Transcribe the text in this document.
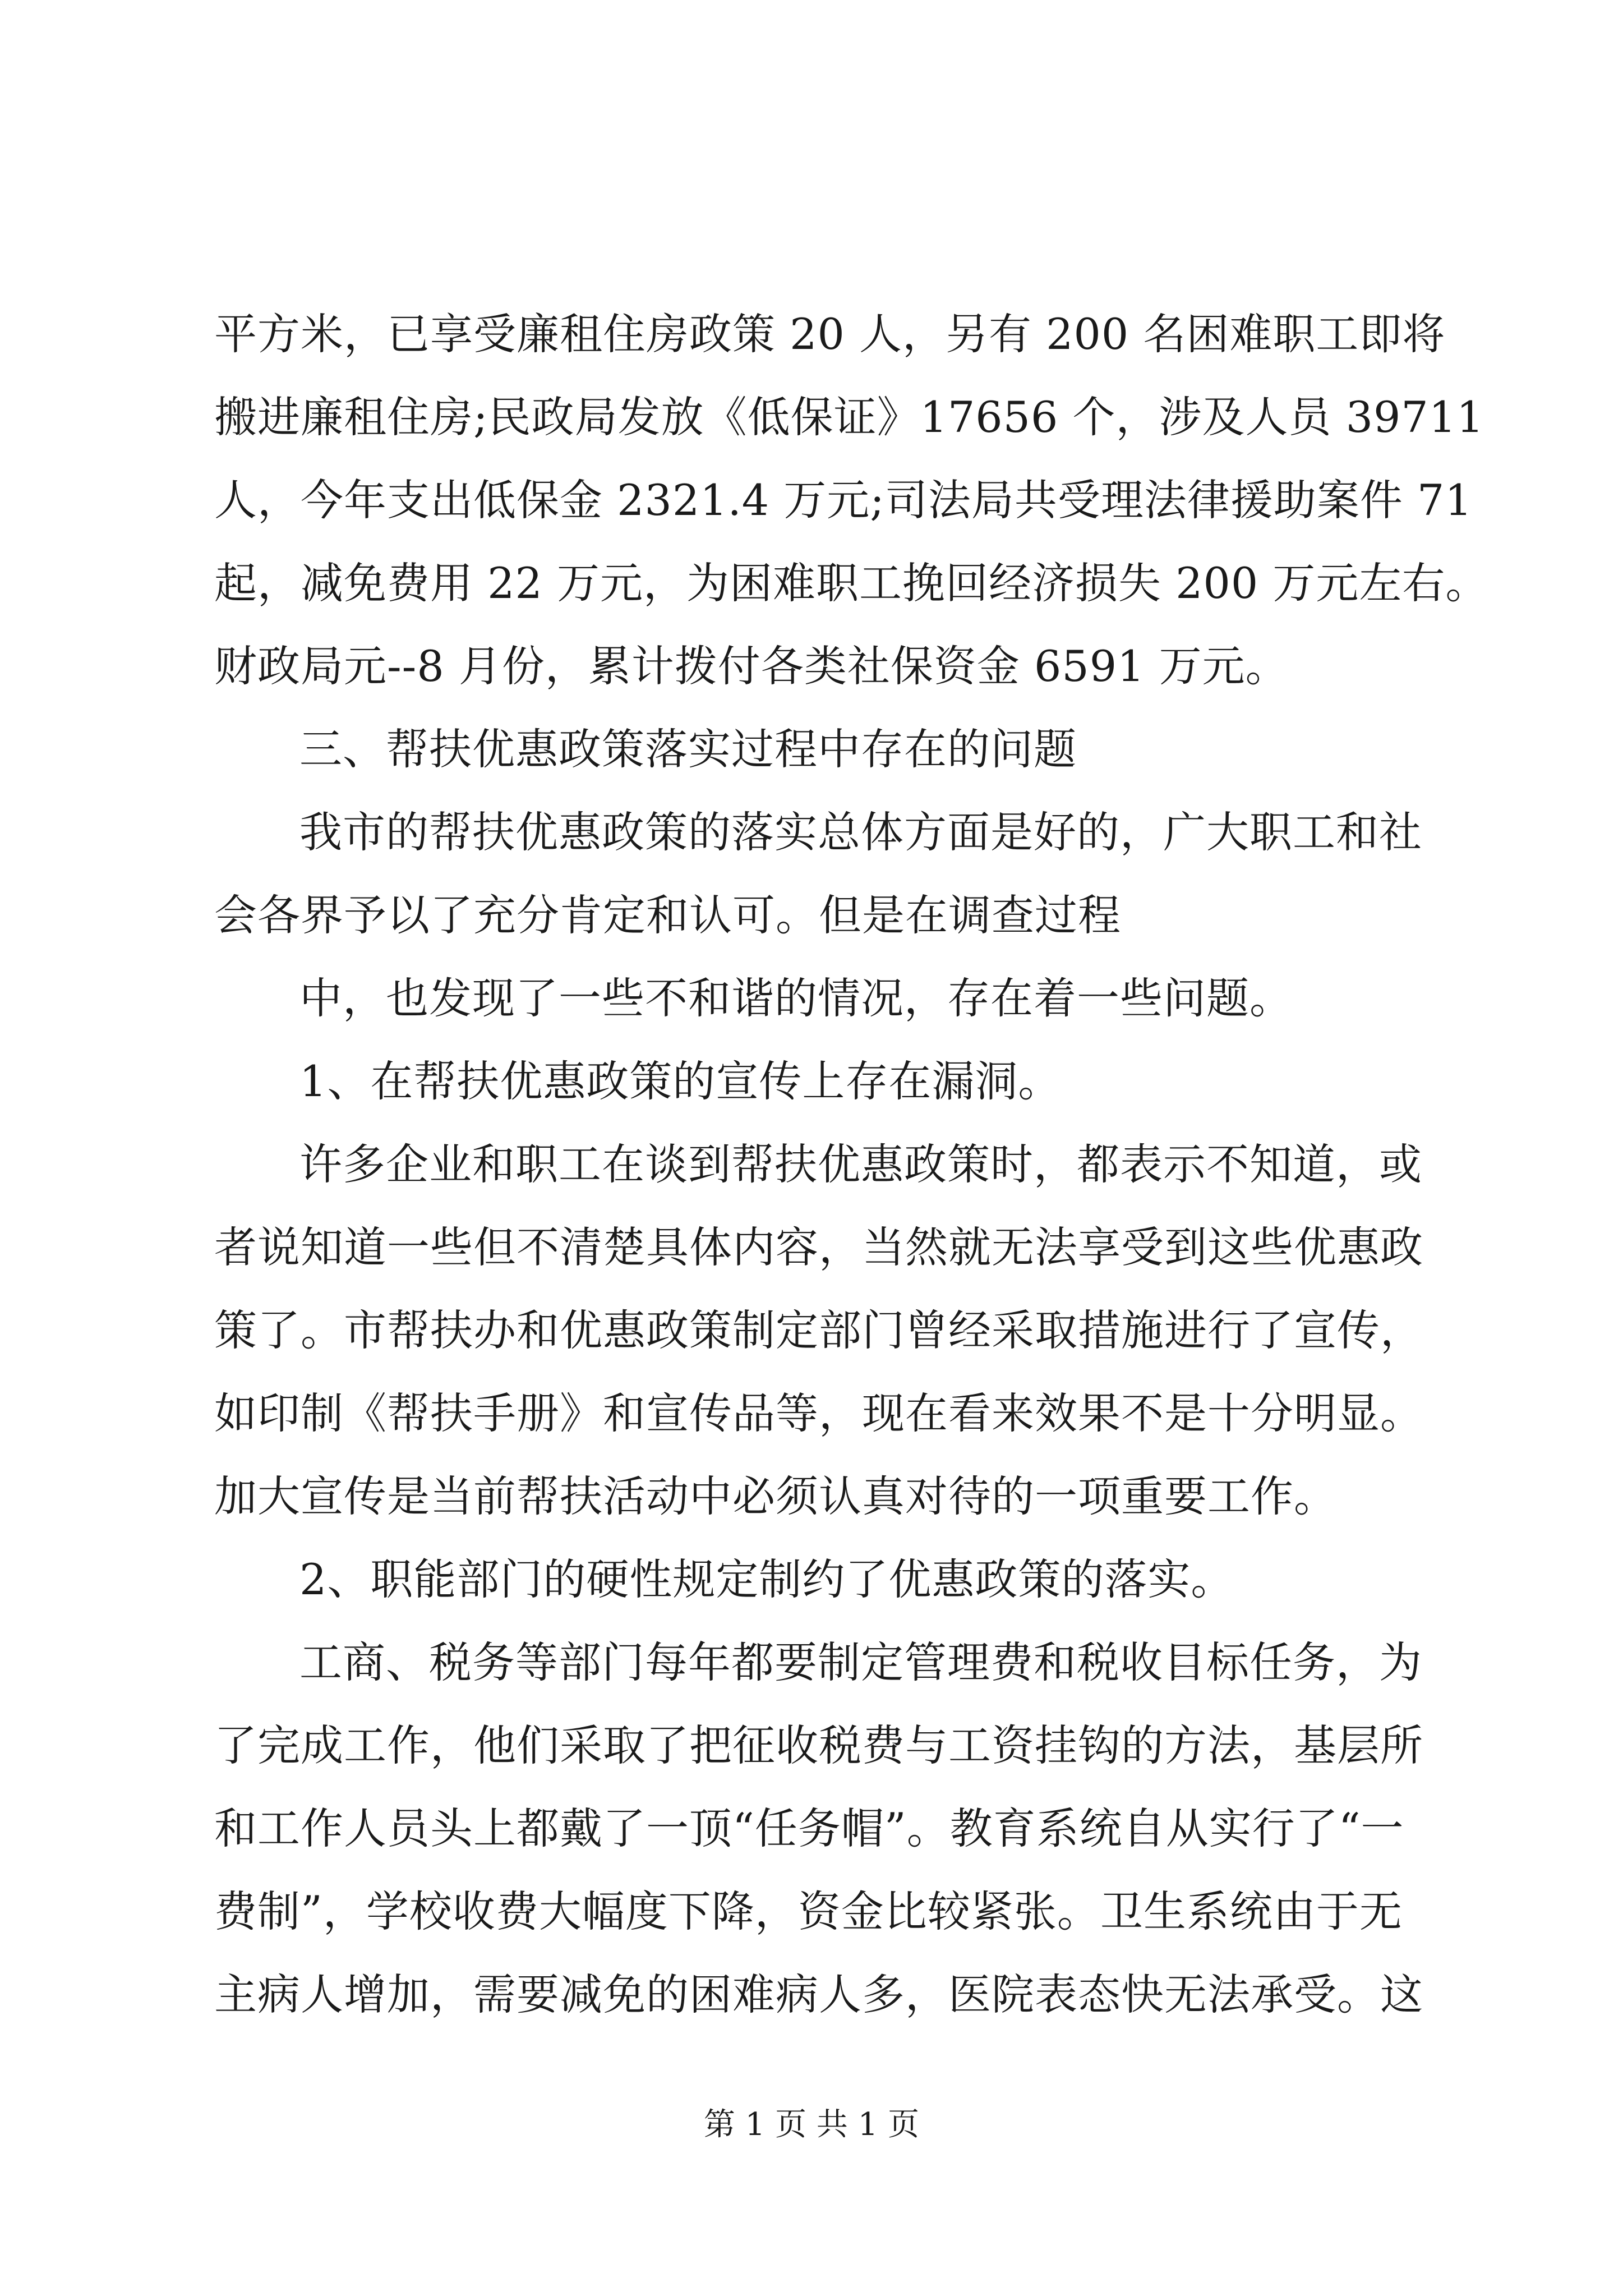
平方米，已享受廉租住房政策 20 人，另有 200 名困难职工即将
搬进廉租住房;民政局发放《低保证》17656 个，涉及人员 39711
人，今年支出低保金 2321.4 万元;司法局共受理法律援助案件 71
起，减免费用 22 万元，为困难职工挽回经济损失 200 万元左右。
财政局元--8 月份，累计拨付各类社保资金 6591 万元。
三、帮扶优惠政策落实过程中存在的问题
我市的帮扶优惠政策的落实总体方面是好的，广大职工和社
会各界予以了充分肯定和认可。但是在调查过程
中，也发现了一些不和谐的情况，存在着一些问题。
1、在帮扶优惠政策的宣传上存在漏洞。
许多企业和职工在谈到帮扶优惠政策时，都表示不知道，或
者说知道一些但不清楚具体内容，当然就无法享受到这些优惠政
策了。市帮扶办和优惠政策制定部门曾经采取措施进行了宣传，
如印制《帮扶手册》和宣传品等，现在看来效果不是十分明显。
加大宣传是当前帮扶活动中必须认真对待的一项重要工作。
2、职能部门的硬性规定制约了优惠政策的落实。
工商、税务等部门每年都要制定管理费和税收目标任务，为
了完成工作，他们采取了把征收税费与工资挂钩的方法，基层所
和工作人员头上都戴了一顶“任务帽”。教育系统自从实行了“一
费制”，学校收费大幅度下降，资金比较紧张。卫生系统由于无
主病人增加，需要减免的困难病人多，医院表态快无法承受。这
第 1 页 共 1 页
